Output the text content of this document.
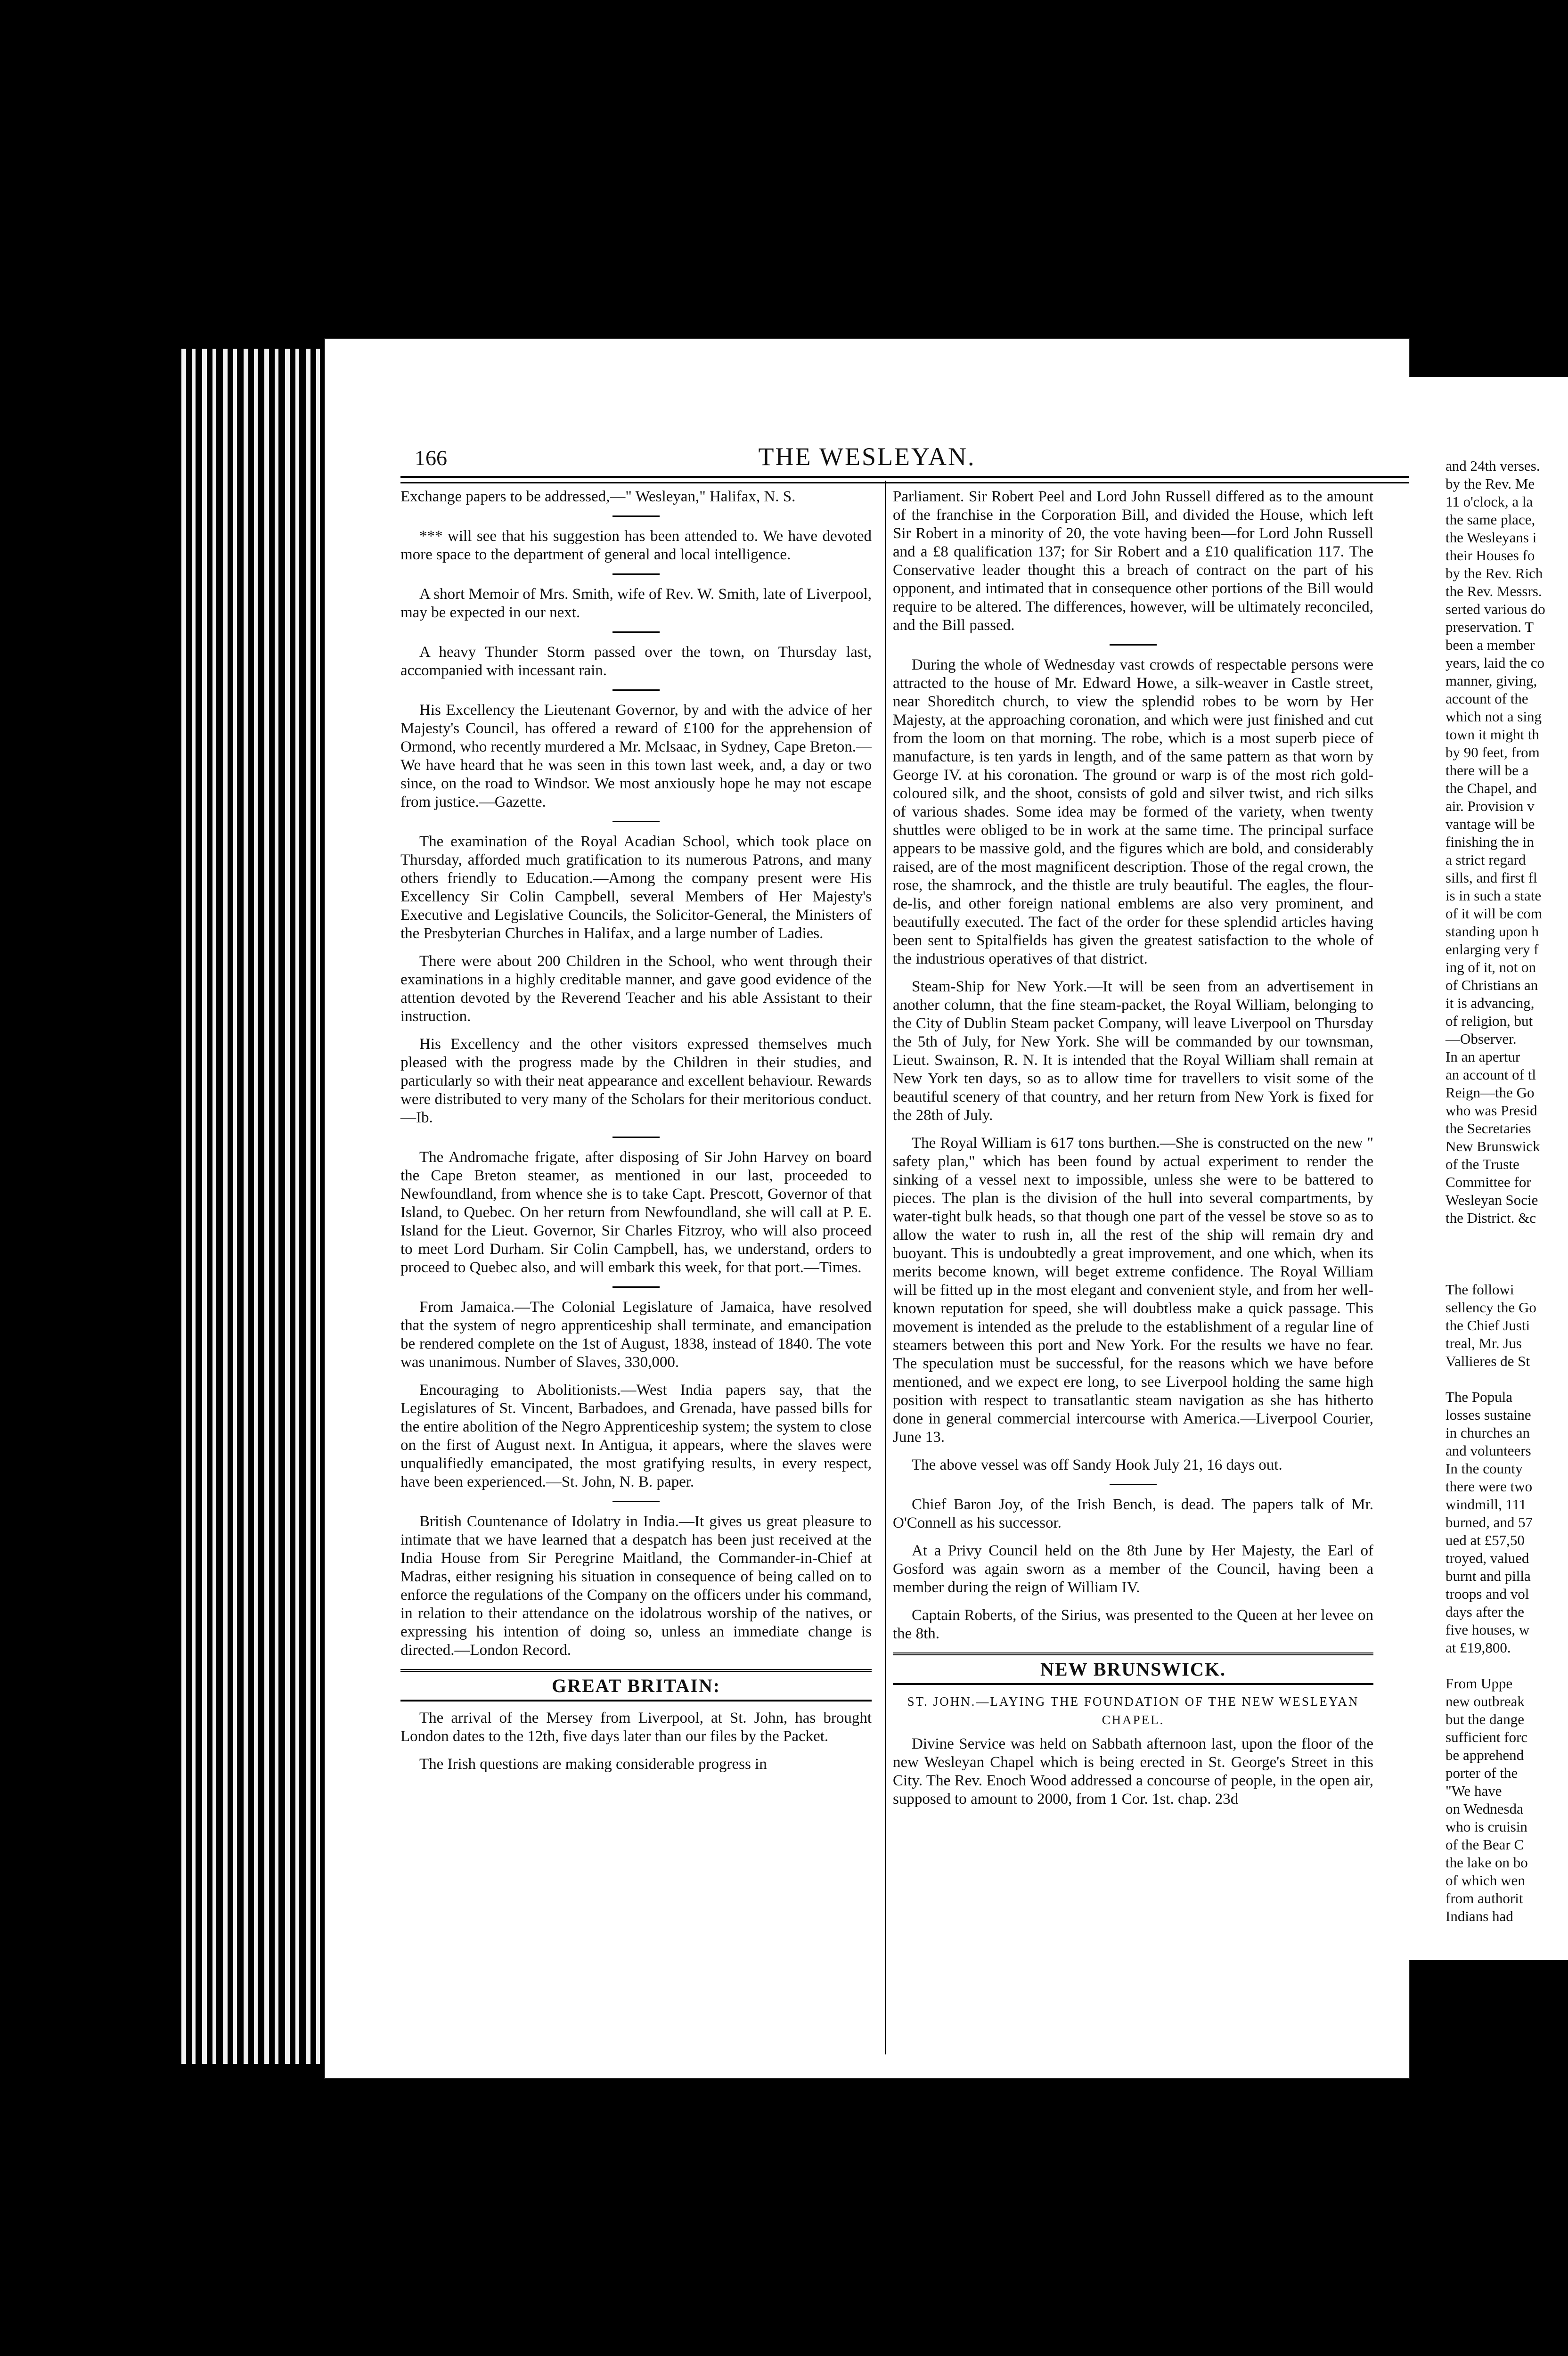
166	THE WESLEYAN.

Exchange papers to be addressed,—" Wesleyan," Halifax, N. S.

*** will see that his suggestion has been attended to. We have devoted more space to the department of general and local intelligence.

A short Memoir of Mrs. Smith, wife of Rev. W. Smith, late of Liverpool, may be expected in our next.

A heavy Thunder Storm passed over the town, on Thursday last, accompanied with incessant rain.

His Excellency the Lieutenant Governor, by and with the advice of her Majesty's Council, has offered a reward of £100 for the apprehension of Ormond, who recently murdered a Mr. Mclsaac, in Sydney, Cape Breton.—We have heard that he was seen in this town last week, and, a day or two since, on the road to Windsor. We most anxiously hope he may not escape from justice.—Gazette.

The examination of the Royal Acadian School, which took place on Thursday, afforded much gratification to its numerous Patrons, and many others friendly to Education.—Among the company present were His Excellency Sir Colin Campbell, several Members of Her Majesty's Executive and Legislative Councils, the Solicitor-General, the Ministers of the Presbyterian Churches in Halifax, and a large number of Ladies.

There were about 200 Children in the School, who went through their examinations in a highly creditable manner, and gave good evidence of the attention devoted by the Reverend Teacher and his able Assistant to their instruction.

His Excellency and the other visitors expressed themselves much pleased with the progress made by the Children in their studies, and particularly so with their neat appearance and excellent behaviour. Rewards were distributed to very many of the Scholars for their meritorious conduct.—Ib.

The Andromache frigate, after disposing of Sir John Harvey on board the Cape Breton steamer, as mentioned in our last, proceeded to Newfoundland, from whence she is to take Capt. Prescott, Governor of that Island, to Quebec. On her return from Newfoundland, she will call at P. E. Island for the Lieut. Governor, Sir Charles Fitzroy, who will also proceed to meet Lord Durham. Sir Colin Campbell, has, we understand, orders to proceed to Quebec also, and will embark this week, for that port.—Times.

From Jamaica.—The Colonial Legislature of Jamaica, have resolved that the system of negro apprenticeship shall terminate, and emancipation be rendered complete on the 1st of August, 1838, instead of 1840. The vote was unanimous. Number of Slaves, 330,000.

Encouraging to Abolitionists.—West India papers say, that the Legislatures of St. Vincent, Barbadoes, and Grenada, have passed bills for the entire abolition of the Negro Apprenticeship system; the system to close on the first of August next. In Antigua, it appears, where the slaves were unqualifiedly emancipated, the most gratifying results, in every respect, have been experienced.—St. John, N. B. paper.

British Countenance of Idolatry in India.—It gives us great pleasure to intimate that we have learned that a despatch has been just received at the India House from Sir Peregrine Maitland, the Commander-in-Chief at Madras, either resigning his situation in consequence of being called on to enforce the regulations of the Company on the officers under his command, in relation to their attendance on the idolatrous worship of the natives, or expressing his intention of doing so, unless an immediate change is directed.—London Record.

GREAT BRITAIN:

The arrival of the Mersey from Liverpool, at St. John, has brought London dates to the 12th, five days later than our files by the Packet.

The Irish questions are making considerable progress in

Parliament. Sir Robert Peel and Lord John Russell differed as to the amount of the franchise in the Corporation Bill, and divided the House, which left Sir Robert in a minority of 20, the vote having been—for Lord John Russell and a £8 qualification 137; for Sir Robert and a £10 qualification 117. The Conservative leader thought this a breach of contract on the part of his opponent, and intimated that in consequence other portions of the Bill would require to be altered. The differences, however, will be ultimately reconciled, and the Bill passed.

During the whole of Wednesday vast crowds of respectable persons were attracted to the house of Mr. Edward Howe, a silk-weaver in Castle street, near Shoreditch church, to view the splendid robes to be worn by Her Majesty, at the approaching coronation, and which were just finished and cut from the loom on that morning. The robe, which is a most superb piece of manufacture, is ten yards in length, and of the same pattern as that worn by George IV. at his coronation. The ground or warp is of the most rich gold-coloured silk, and the shoot, consists of gold and silver twist, and rich silks of various shades. Some idea may be formed of the variety, when twenty shuttles were obliged to be in work at the same time. The principal surface appears to be massive gold, and the figures which are bold, and considerably raised, are of the most magnificent description. Those of the regal crown, the rose, the shamrock, and the thistle are truly beautiful. The eagles, the flour-de-lis, and other foreign national emblems are also very prominent, and beautifully executed. The fact of the order for these splendid articles having been sent to Spitalfields has given the greatest satisfaction to the whole of the industrious operatives of that district.

Steam-Ship for New York.—It will be seen from an advertisement in another column, that the fine steam-packet, the Royal William, belonging to the City of Dublin Steam packet Company, will leave Liverpool on Thursday the 5th of July, for New York. She will be commanded by our townsman, Lieut. Swainson, R. N. It is intended that the Royal William shall remain at New York ten days, so as to allow time for travellers to visit some of the beautiful scenery of that country, and her return from New York is fixed for the 28th of July.

The Royal William is 617 tons burthen.—She is constructed on the new " safety plan," which has been found by actual experiment to render the sinking of a vessel next to impossible, unless she were to be battered to pieces. The plan is the division of the hull into several compartments, by water-tight bulk heads, so that though one part of the vessel be stove so as to allow the water to rush in, all the rest of the ship will remain dry and buoyant. This is undoubtedly a great improvement, and one which, when its merits become known, will beget extreme confidence. The Royal William will be fitted up in the most elegant and convenient style, and from her well-known reputation for speed, she will doubtless make a quick passage. This movement is intended as the prelude to the establishment of a regular line of steamers between this port and New York. For the results we have no fear. The speculation must be successful, for the reasons which we have before mentioned, and we expect ere long, to see Liverpool holding the same high position with respect to transatlantic steam navigation as she has hitherto done in general commercial intercourse with America.—Liverpool Courier, June 13.

The above vessel was off Sandy Hook July 21, 16 days out.

Chief Baron Joy, of the Irish Bench, is dead. The papers talk of Mr. O'Connell as his successor.

At a Privy Council held on the 8th June by Her Majesty, the Earl of Gosford was again sworn as a member of the Council, having been a member during the reign of William IV.

Captain Roberts, of the Sirius, was presented to the Queen at her levee on the 8th.

NEW BRUNSWICK.
ST. JOHN.—LAYING THE FOUNDATION OF THE NEW WESLEYAN CHAPEL.

Divine Service was held on Sabbath afternoon last, upon the floor of the new Wesleyan Chapel which is being erected in St. George's Street in this City. The Rev. Enoch Wood addressed a concourse of people, in the open air, supposed to amount to 2000, from 1 Cor. 1st. chap. 23d

and 24th verses.
by the Rev. Me
11 o'clock, a la
the same place,
the Wesleyans i
their Houses fo
by the Rev. Rich
the Rev. Messrs.
serted various do
preservation. T
been a member
years, laid the co
manner, giving,
account of the
which not a sing
town it might th
by 90 feet, from
there will be a
the Chapel, and
air. Provision v
vantage will be
finishing the in
a strict regard
sills, and first fl
is in such a state
of it will be com
standing upon h
enlarging very f
ing of it, not on
of Christians an
it is advancing,
of religion, but
—Observer.
In an apertur
an account of tl
Reign—the Go
who was Presid
the Secretaries
New Brunswick
of the Truste
Committee for
Wesleyan Socie
the District. &c

The followi
sellency the Go
the Chief Justi
treal, Mr. Jus
Vallieres de St

The Popula
losses sustaine
in churches an
and volunteers
In the county
there were two
windmill, 111
burned, and 57
ued at £57,50
troyed, valued
burnt and pilla
troops and vol
days after the
five houses, w
at £19,800.

From Uppe
new outbreak
but the dange
sufficient forc
be apprehend
porter of the
"We have
on Wednesda
who is cruisin
of the Bear C
the lake on bo
of which wen
from authorit
Indians had
